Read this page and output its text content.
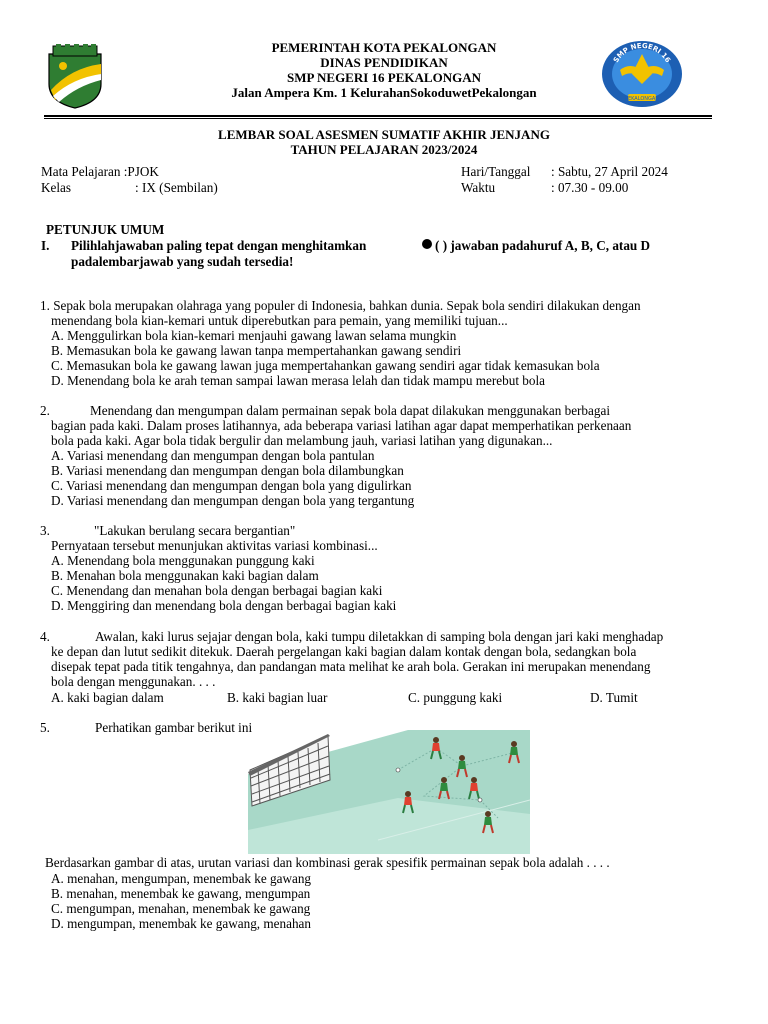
PEMERINTAH KOTA PEKALONGAN
DINAS PENDIDIKAN
SMP NEGERI 16 PEKALONGAN
Jalan Ampera Km. 1 KelurahanSokoduwetPekalongan
SMP NEGERI 16
PEKALONGAN
LEMBAR SOAL ASESMEN SUMATIF AKHIR JENJANG
TAHUN PELAJARAN 2023/2024
Mata Pelajaran :PJOK
Kelas	: IX (Sembilan)
Hari/Tanggal : Sabtu, 27 April 2024
Waktu	: 07.30 - 09.00
PETUNJUK UMUM
I. Pilihlahjawaban paling tepat dengan menghitamkan	( ) jawaban padahuruf A, B, C, atau D
padalembarjawab yang sudah tersedia!
1. Sepak bola merupakan olahraga yang populer di Indonesia, bahkan dunia. Sepak bola sendiri dilakukan dengan
menendang bola kian-kemari untuk diperebutkan para pemain, yang memiliki tujuan...
A. Menggulirkan bola kian-kemari menjauhi gawang lawan selama mungkin
B. Memasukan bola ke gawang lawan tanpa mempertahankan gawang sendiri
C. Memasukan bola ke gawang lawan juga mempertahankan gawang sendiri agar tidak kemasukan bola
D. Menendang bola ke arah teman sampai lawan merasa lelah dan tidak mampu merebut bola
2.	Menendang dan mengumpan dalam permainan sepak bola dapat dilakukan menggunakan berbagai
bagian pada kaki. Dalam proses latihannya, ada beberapa variasi latihan agar dapat memperhatikan perkenaan
bola pada kaki. Agar bola tidak bergulir dan melambung jauh, variasi latihan yang digunakan...
A. Variasi menendang dan mengumpan dengan bola pantulan
B. Variasi menendang dan mengumpan dengan bola dilambungkan
C. Variasi menendang dan mengumpan dengan bola yang digulirkan
D. Variasi menendang dan mengumpan dengan bola yang tergantung
3.	"Lakukan berulang secara bergantian"
Pernyataan tersebut menunjukan aktivitas variasi kombinasi...
A. Menendang bola menggunakan punggung kaki
B. Menahan bola menggunakan kaki bagian dalam
C. Menendang dan menahan bola dengan berbagai bagian kaki
D. Menggiring dan menendang bola dengan berbagai bagian kaki
4.	Awalan, kaki lurus sejajar dengan bola, kaki tumpu diletakkan di samping bola dengan jari kaki menghadap
ke depan dan lutut sedikit ditekuk. Daerah pergelangan kaki bagian dalam kontak dengan bola, sedangkan bola
disepak tepat pada titik tengahnya, dan pandangan mata melihat ke arah bola. Gerakan ini merupakan menendang
bola dengan menggunakan. . . .
A. kaki bagian dalam	B. kaki bagian luar	C. punggung kaki	D. Tumit
5.	Perhatikan gambar berikut ini
Berdasarkan gambar di atas, urutan variasi dan kombinasi gerak spesifik permainan sepak bola adalah . . . .
A. menahan, mengumpan, menembak ke gawang
B. menahan, menembak ke gawang, mengumpan
C. mengumpan, menahan, menembak ke gawang
D. mengumpan, menembak ke gawang, menahan
